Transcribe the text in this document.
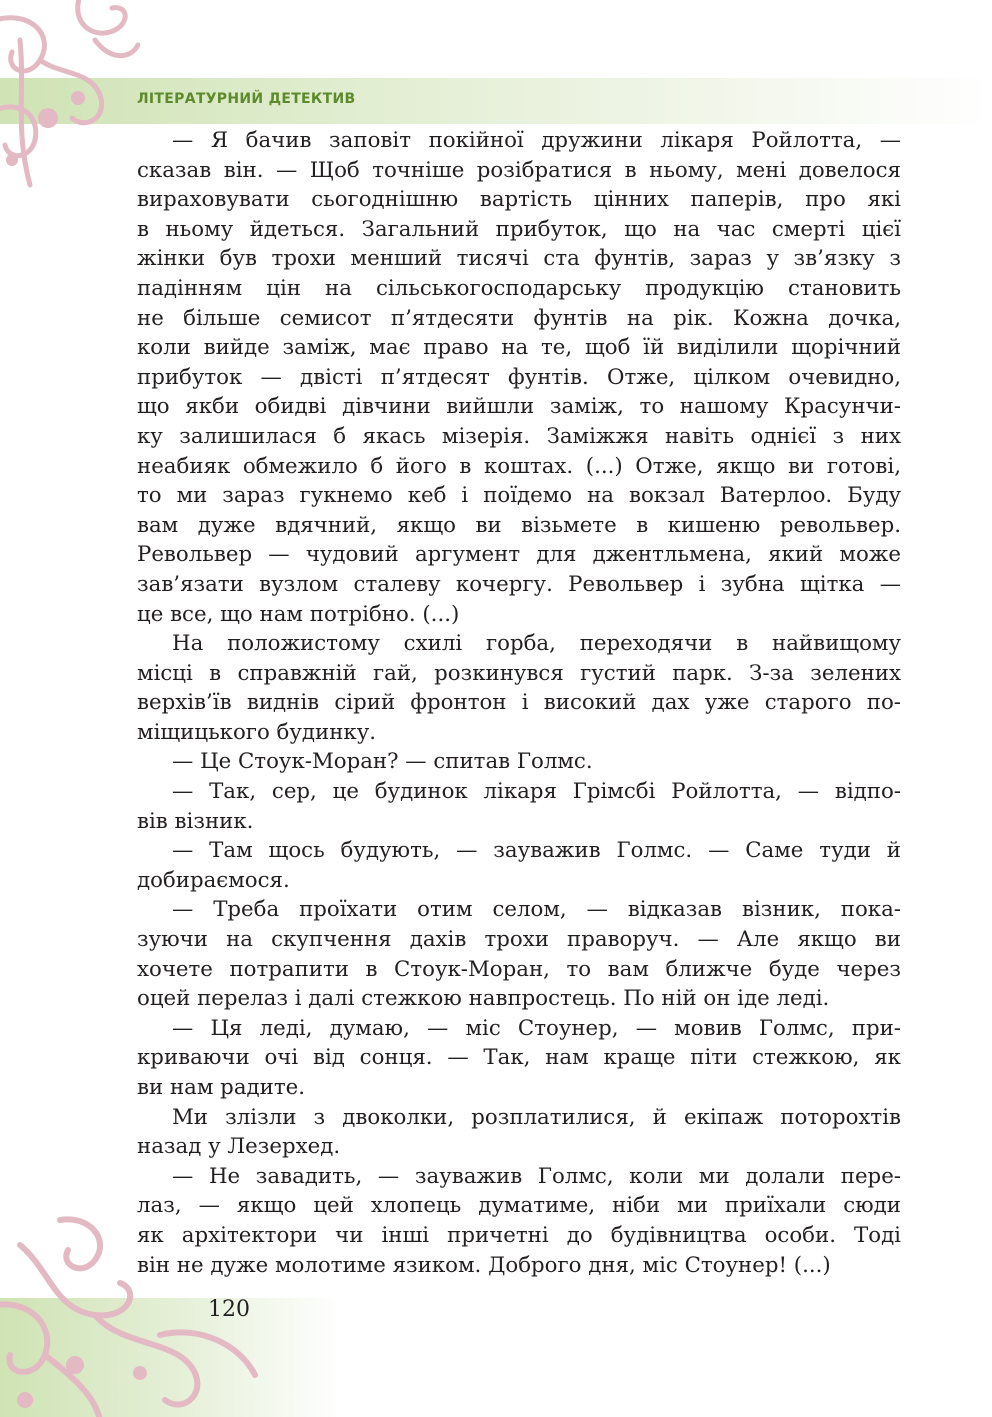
ЛІТЕРАТУРНИЙ ДЕТЕКТИВ
— Я бачив заповіт покійної дружини лікаря Ройлотта, —
сказав він. — Щоб точніше розібратися в ньому, мені довелося
вираховувати сьогоднішню вартість цінних паперів, про які
в ньому йдеться. Загальний прибуток, що на час смерті цієї
жінки був трохи менший тисячі ста фунтів, зараз у зв’язку з
падінням цін на сільськогосподарську продукцію становить
не більше семисот п’ятдесяти фунтів на рік. Кожна дочка,
коли вийде заміж, має право на те, щоб їй виділили щорічний
прибуток — двісті п’ятдесят фунтів. Отже, цілком очевидно,
що якби обидві дівчини вийшли заміж, то нашому Красунчи-
ку залишилася б якась мізерія. Заміжжя навіть однієї з них
неабияк обмежило б його в коштах. (...) Отже, якщо ви готові,
то ми зараз гукнемо кеб і поїдемо на вокзал Ватерлоо. Буду
вам дуже вдячний, якщо ви візьмете в кишеню револьвер.
Револьвер — чудовий аргумент для джентльмена, який може
зав’язати вузлом сталеву кочергу. Револьвер і зубна щітка —
це все, що нам потрібно. (...)
На положистому схилі горба, переходячи в найвищому
місці в справжній гай, розкинувся густий парк. З-за зелених
верхів’їв виднів сірий фронтон і високий дах уже старого по-
міщицького будинку.
— Це Стоук-Моран? — спитав Голмс.
— Так, сер, це будинок лікаря Грімсбі Ройлотта, — відпо-
вів візник.
— Там щось будують, — зауважив Голмс. — Саме туди й
добираємося.
— Треба проїхати отим селом, — відказав візник, пока-
зуючи на скупчення дахів трохи праворуч. — Але якщо ви
хочете потрапити в Стоук-Моран, то вам ближче буде через
оцей перелаз і далі стежкою навпростець. По ній он іде леді.
— Ця леді, думаю, — міс Стоунер, — мовив Голмс, при-
криваючи очі від сонця. — Так, нам краще піти стежкою, як
ви нам радите.
Ми злізли з двоколки, розплатилися, й екіпаж поторохтів
назад у Лезерхед.
— Не завадить, — зауважив Голмс, коли ми долали пере-
лаз, — якщо цей хлопець думатиме, ніби ми приїхали сюди
як архітектори чи інші причетні до будівництва особи. Тоді
він не дуже молотиме язиком. Доброго дня, міс Стоунер! (...)
120
